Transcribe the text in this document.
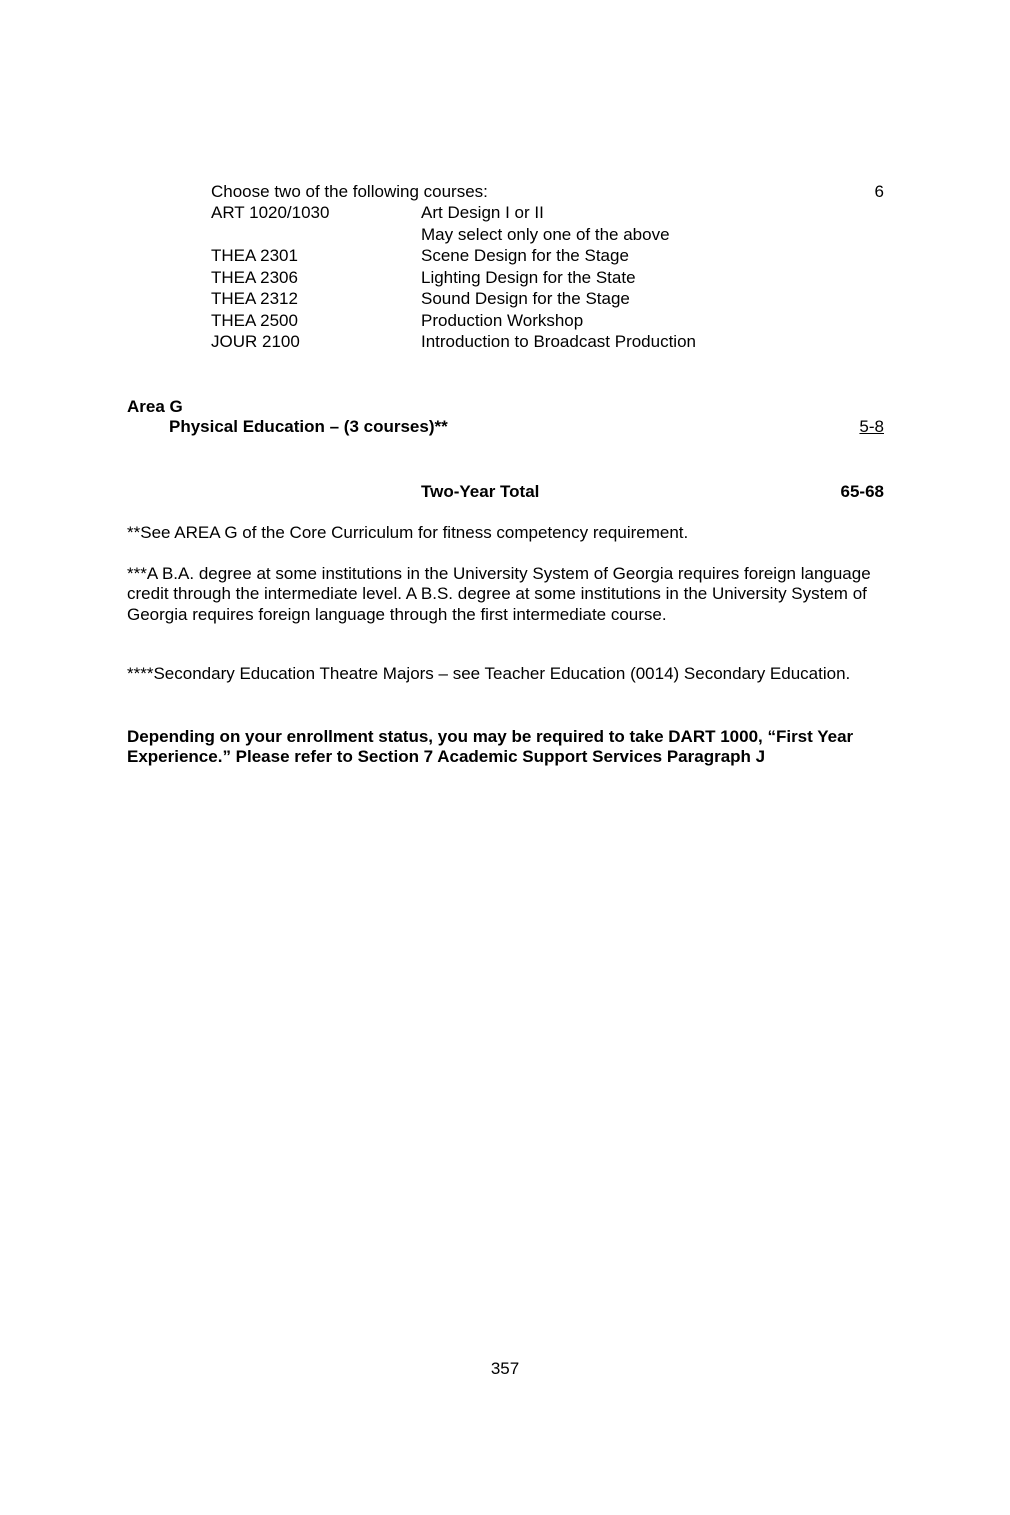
Choose two of the following courses:	6
ART 1020/1030	Art Design I or II
May select only one of the above
THEA 2301	Scene Design for the Stage
THEA 2306	Lighting Design for the State
THEA 2312	Sound Design for the Stage
THEA 2500	Production Workshop
JOUR 2100	Introduction to Broadcast Production
Area G
Physical Education – (3 courses)**	5-8
Two-Year Total	65-68
**See AREA G of the Core Curriculum for fitness competency requirement.
***A B.A. degree at some institutions in the University System of Georgia requires foreign language credit through the intermediate level. A B.S. degree at some institutions in the University System of Georgia requires foreign language through the first intermediate course.
****Secondary Education Theatre Majors – see Teacher Education (0014) Secondary Education.
Depending on your enrollment status, you may be required to take DART 1000, “First Year Experience.” Please refer to Section 7 Academic Support Services Paragraph J
357
